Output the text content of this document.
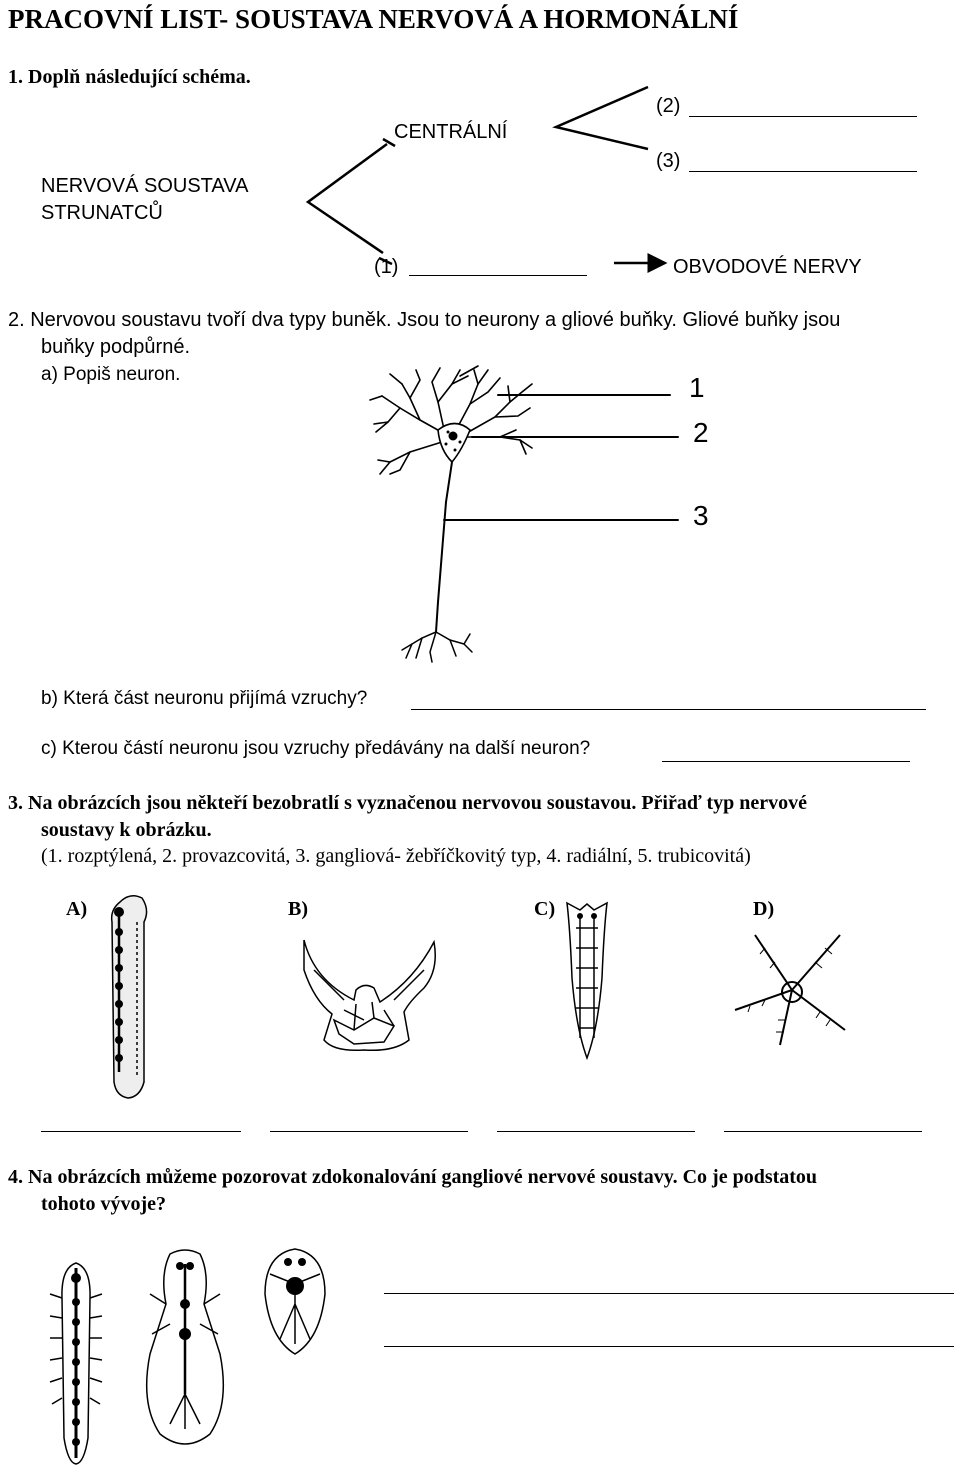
PRACOVNÍ LIST- SOUSTAVA NERVOVÁ A HORMONÁLNÍ
1. Doplň následující schéma.
NERVOVÁ SOUSTAVA
STRUNATCŮ
CENTRÁLNÍ
(2)
(3)
(1)	OBVODOVÉ NERVY
2. Nervovou soustavu tvoří dva typy buněk. Jsou to neurony a gliové buňky. Gliové buňky jsou
buňky podpůrné.
a) Popiš neuron.	1
2
3
b) Která část neuronu přijímá vzruchy?
c) Kterou částí neuronu jsou vzruchy předávány na další neuron?
3. Na obrázcích jsou někteří bezobratlí s vyznačenou nervovou soustavou. Přiřaď typ nervové
soustavy k obrázku.
(1. rozptýlená, 2. provazcovitá, 3. gangliová- žebříčkovitý typ, 4. radiální, 5. trubicovitá)
A)	B)	C)	D)
4. Na obrázcích můžeme pozorovat zdokonalování gangliové nervové soustavy. Co je podstatou
tohoto vývoje?
